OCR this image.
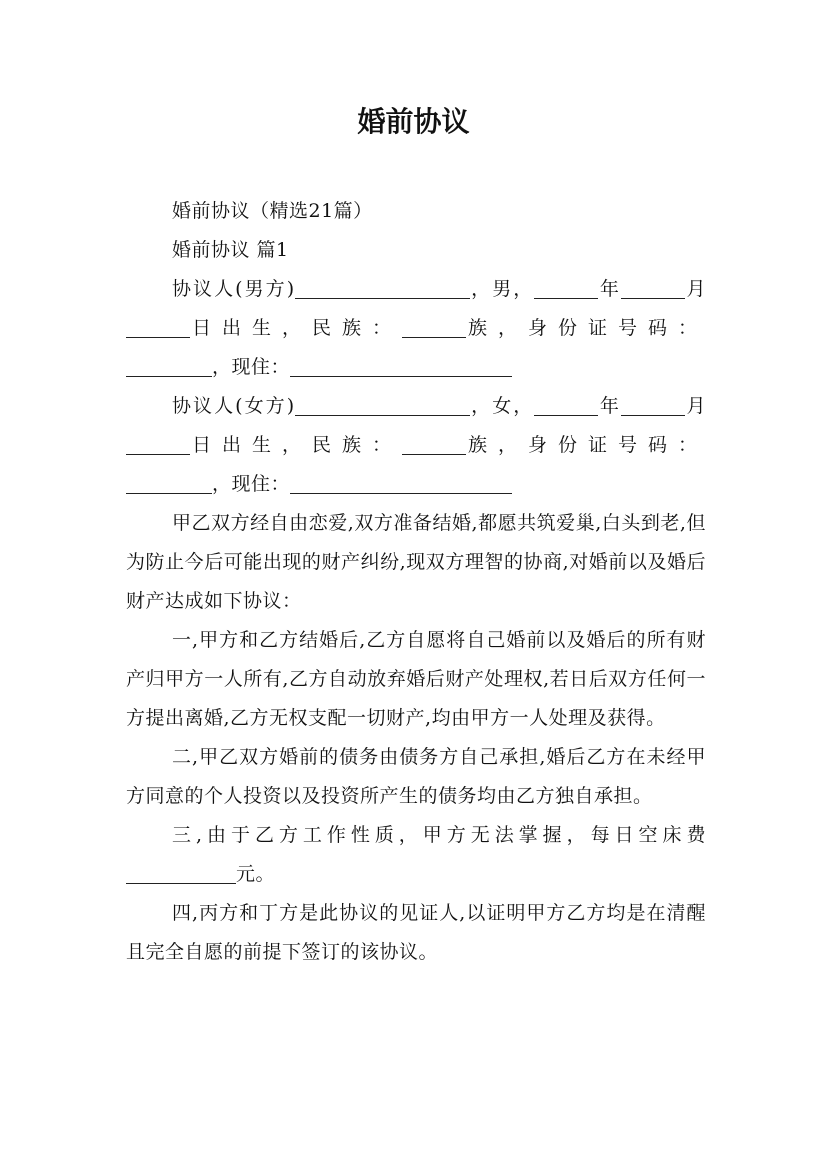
婚前协议

婚前协议（精选21篇）

婚前协议 篇1

协议人(男方)	，男，	年	月日出生，民族：	族，身份证号码：，现住：

协议人(女方)	，女，	年	月日出生，民族：	族，身份证号码：，现住：

甲乙双方经自由恋爱,双方准备结婚,都愿共筑爱巢,白头到老,但为防止今后可能出现的财产纠纷,现双方理智的协商,对婚前以及婚后财产达成如下协议：

一,甲方和乙方结婚后,乙方自愿将自己婚前以及婚后的所有财产归甲方一人所有,乙方自动放弃婚后财产处理权,若日后双方任何一方提出离婚,乙方无权支配一切财产,均由甲方一人处理及获得。

二,甲乙双方婚前的债务由债务方自己承担,婚后乙方在未经甲方同意的个人投资以及投资所产生的债务均由乙方独自承担。

三,由于乙方工作性质，甲方无法掌握，每日空床费元。

四,丙方和丁方是此协议的见证人,以证明甲方乙方均是在清醒且完全自愿的前提下签订的该协议。
